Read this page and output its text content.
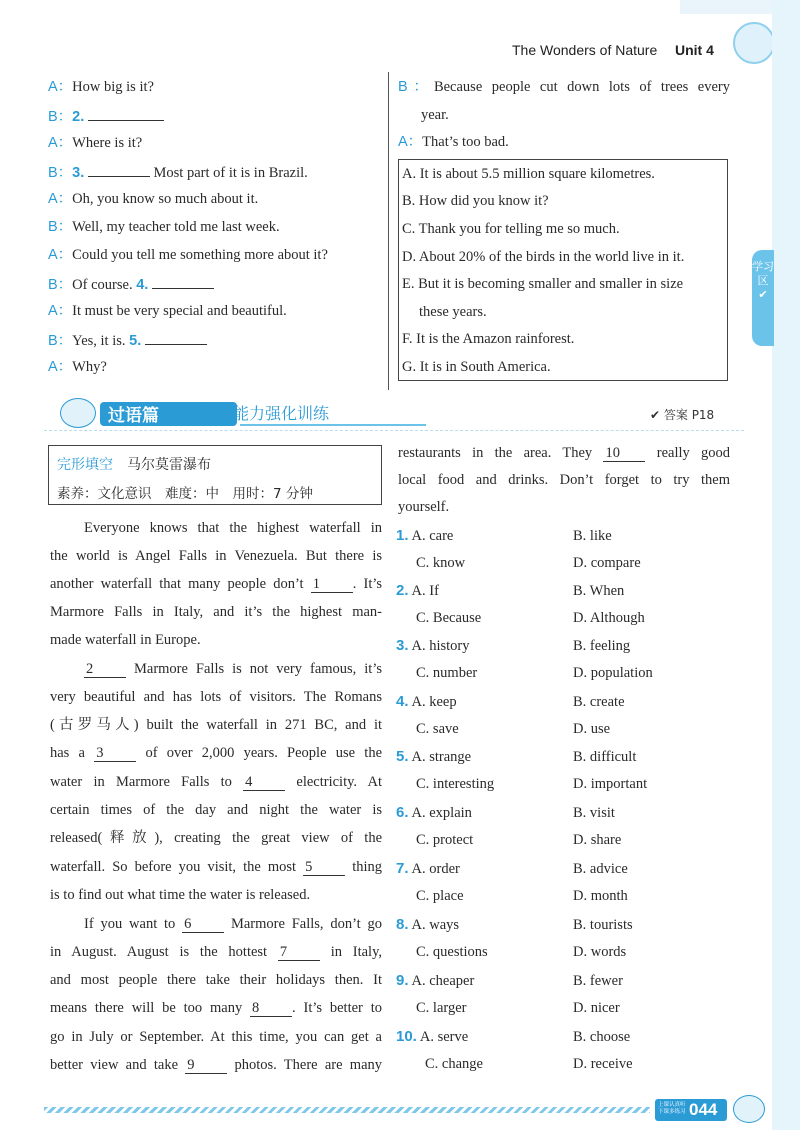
The Wonders of Nature Unit 4
学习区
✔
A：How big is it?
B：2.
A：Where is it?
B：3.	Most part of it is in Brazil.
A：Oh, you know so much about it.
B：Well, my teacher told me last week.
A：Could you tell me something more about it?
B：Of course. 4.
A：It must be very special and beautiful.
B：Yes, it is. 5.
A：Why?
B：Because people cut down lots of trees every
year.
A：That’s too bad.
A. It is about 5.5 million square kilometres.
B. How did you know it?
C. Thank you for telling me so much.
D. About 20% of the birds in the world live in it.
E. But it is becoming smaller and smaller in size
these years.
F. It is the Amazon rainforest.
G. It is in South America.
过语篇	阅读能力强化训练	✔ 答案 P18
完形填空　 马尔莫雷瀑布
素养：文化意识　难度：中　用时：7 分钟
Everyone knows that the highest waterfall in
the world is Angel Falls in Venezuela. But there is
another waterfall that many people don’t 1 . It’s
Marmore Falls in Italy, and it’s the highest man-
made waterfall in Europe.
2	Marmore Falls is not very famous, it’s
very beautiful and has lots of visitors. The Romans
(古罗马人) built the waterfall in 271 BC, and it
has a 3	of over 2,000 years. People use the
water in Marmore Falls to 4	electricity. At
certain times of the day and night the water is
released(释放), creating the great view of the
waterfall. So before you visit, the most 5	thing
is to find out what time the water is released.
If you want to 6	Marmore Falls, don’t go
in August. August is the hottest 7	in Italy,
and most people there take their holidays then. It
means there will be too many 8 . It’s better to
go in July or September. At this time, you can get a
better view and take 9	photos. There are many
restaurants in the area. They 10	really good
local food and drinks. Don’t forget to try them
yourself.
1. A. care	B. like
C. know	D. compare
2. A. If	B. When
C. Because	D. Although
3. A. history	B. feeling
C. number	D. population
4. A. keep	B. create
C. save	D. use
5. A. strange	B. difficult
C. interesting	D. important
6. A. explain	B. visit
C. protect	D. share
7. A. order	B. advice
C. place	D. month
8. A. ways	B. tourists
C. questions	D. words
9. A. cheaper	B. fewer
C. larger	D. nicer
10. A. serve	B. choose
C. change	D. receive
上课认真听下课多练习 044
